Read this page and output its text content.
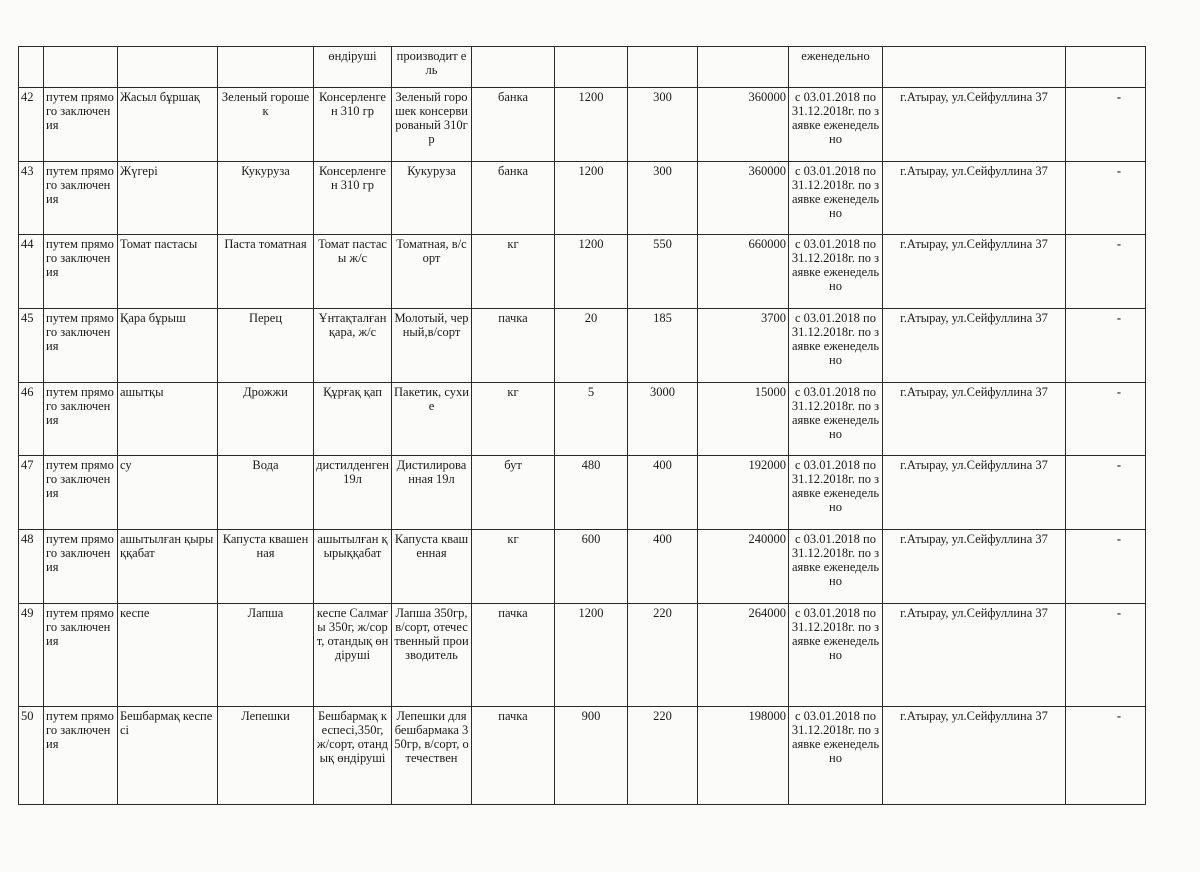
				өндіруші	производит ель					еженедельно		
42	путем прямого заключения	Жасыл бұршақ	Зеленый горошек	Консерленген 310 гр	Зеленый горошек консервированый 310гр	банка	1200	300	360000	с 03.01.2018 по 31.12.2018г. по заявке еженедельно	г.Атырау, ул.Сейфуллина 37	-
43	путем прямого заключения	Жүгері	Кукуруза	Консерленген 310 гр	Кукуруза	банка	1200	300	360000	с 03.01.2018 по 31.12.2018г. по заявке еженедельно	г.Атырау, ул.Сейфуллина 37	-
44	путем прямого заключения	Томат пастасы	Паста томатная	Томат пастасы ж/с	Томатная, в/сорт	кг	1200	550	660000	с 03.01.2018 по 31.12.2018г. по заявке еженедельно	г.Атырау, ул.Сейфуллина 37	-
45	путем прямого заключения	Қара бұрыш	Перец	Ұнтақталған қара, ж/с	Молотый, черный,в/сорт	пачка	20	185	3700	с 03.01.2018 по 31.12.2018г. по заявке еженедельно	г.Атырау, ул.Сейфуллина 37	-
46	путем прямого заключения	ашытқы	Дрожжи	Құрғақ қап	Пакетик, сухие	кг	5	3000	15000	с 03.01.2018 по 31.12.2018г. по заявке еженедельно	г.Атырау, ул.Сейфуллина 37	-
47	путем прямого заключения	су	Вода	дистилденген 19л	Дистилированная 19л	бут	480	400	192000	с 03.01.2018 по 31.12.2018г. по заявке еженедельно	г.Атырау, ул.Сейфуллина 37	-
48	путем прямого заключения	ашытылған қырыққабат	Капуста квашенная	ашытылған қырыққабат	Капуста квашенная	кг	600	400	240000	с 03.01.2018 по 31.12.2018г. по заявке еженедельно	г.Атырау, ул.Сейфуллина 37	-
49	путем прямого заключения	кеспе	Лапша	кеспе Салмағы 350г, ж/сорт, отандық өндіруші	Лапша 350гр, в/сорт, отечественный производитель	пачка	1200	220	264000	с 03.01.2018 по 31.12.2018г. по заявке еженедельно	г.Атырау, ул.Сейфуллина 37	-
50	путем прямого заключения	Бешбармақ кеспесі	Лепешки	Бешбармақ кеспесі,350г, ж/сорт, отандық өндіруші	Лепешки для бешбармака 350гр, в/сорт, отечествен	пачка	900	220	198000	с 03.01.2018 по 31.12.2018г. по заявке еженедельно	г.Атырау, ул.Сейфуллина 37	-
